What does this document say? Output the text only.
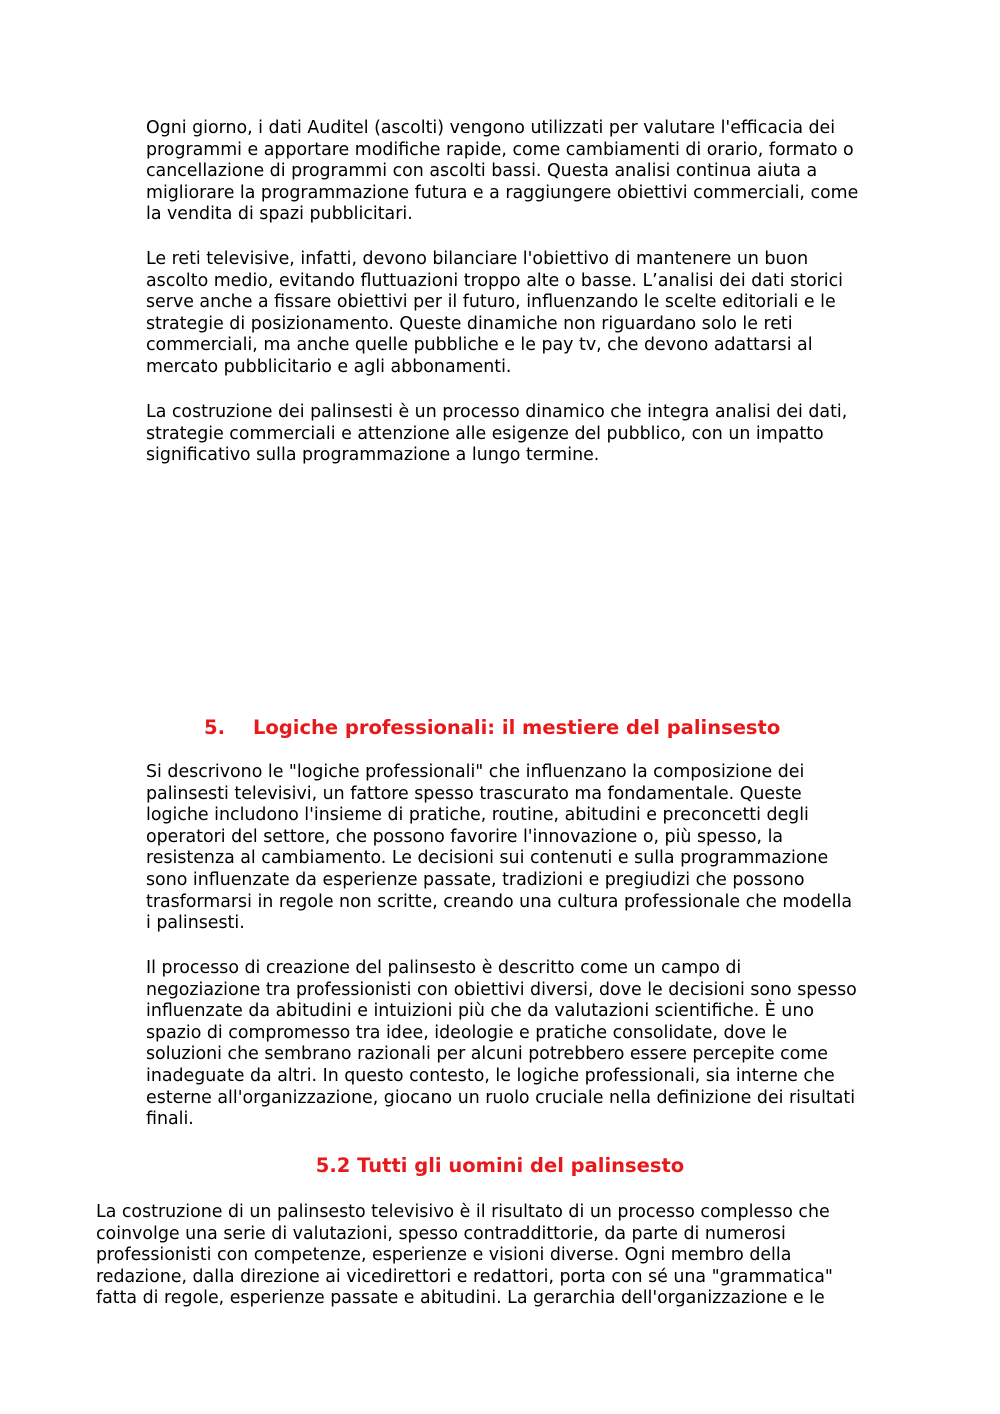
Ogni giorno, i dati Auditel (ascolti) vengono utilizzati per valutare l'efficacia dei
programmi e apportare modifiche rapide, come cambiamenti di orario, formato o
cancellazione di programmi con ascolti bassi. Questa analisi continua aiuta a
migliorare la programmazione futura e a raggiungere obiettivi commerciali, come
la vendita di spazi pubblicitari.

Le reti televisive, infatti, devono bilanciare l'obiettivo di mantenere un buon
ascolto medio, evitando fluttuazioni troppo alte o basse. L’analisi dei dati storici
serve anche a fissare obiettivi per il futuro, influenzando le scelte editoriali e le
strategie di posizionamento. Queste dinamiche non riguardano solo le reti
commerciali, ma anche quelle pubbliche e le pay tv, che devono adattarsi al
mercato pubblicitario e agli abbonamenti.

La costruzione dei palinsesti è un processo dinamico che integra analisi dei dati,
strategie commerciali e attenzione alle esigenze del pubblico, con un impatto
significativo sulla programmazione a lungo termine.

5. Logiche professionali: il mestiere del palinsesto

Si descrivono le "logiche professionali" che influenzano la composizione dei
palinsesti televisivi, un fattore spesso trascurato ma fondamentale. Queste
logiche includono l'insieme di pratiche, routine, abitudini e preconcetti degli
operatori del settore, che possono favorire l'innovazione o, più spesso, la
resistenza al cambiamento. Le decisioni sui contenuti e sulla programmazione
sono influenzate da esperienze passate, tradizioni e pregiudizi che possono
trasformarsi in regole non scritte, creando una cultura professionale che modella
i palinsesti.

Il processo di creazione del palinsesto è descritto come un campo di
negoziazione tra professionisti con obiettivi diversi, dove le decisioni sono spesso
influenzate da abitudini e intuizioni più che da valutazioni scientifiche. È uno
spazio di compromesso tra idee, ideologie e pratiche consolidate, dove le
soluzioni che sembrano razionali per alcuni potrebbero essere percepite come
inadeguate da altri. In questo contesto, le logiche professionali, sia interne che
esterne all'organizzazione, giocano un ruolo cruciale nella definizione dei risultati
finali.

5.2 Tutti gli uomini del palinsesto

La costruzione di un palinsesto televisivo è il risultato di un processo complesso che
coinvolge una serie di valutazioni, spesso contraddittorie, da parte di numerosi
professionisti con competenze, esperienze e visioni diverse. Ogni membro della
redazione, dalla direzione ai vicedirettori e redattori, porta con sé una "grammatica"
fatta di regole, esperienze passate e abitudini. La gerarchia dell'organizzazione e le
